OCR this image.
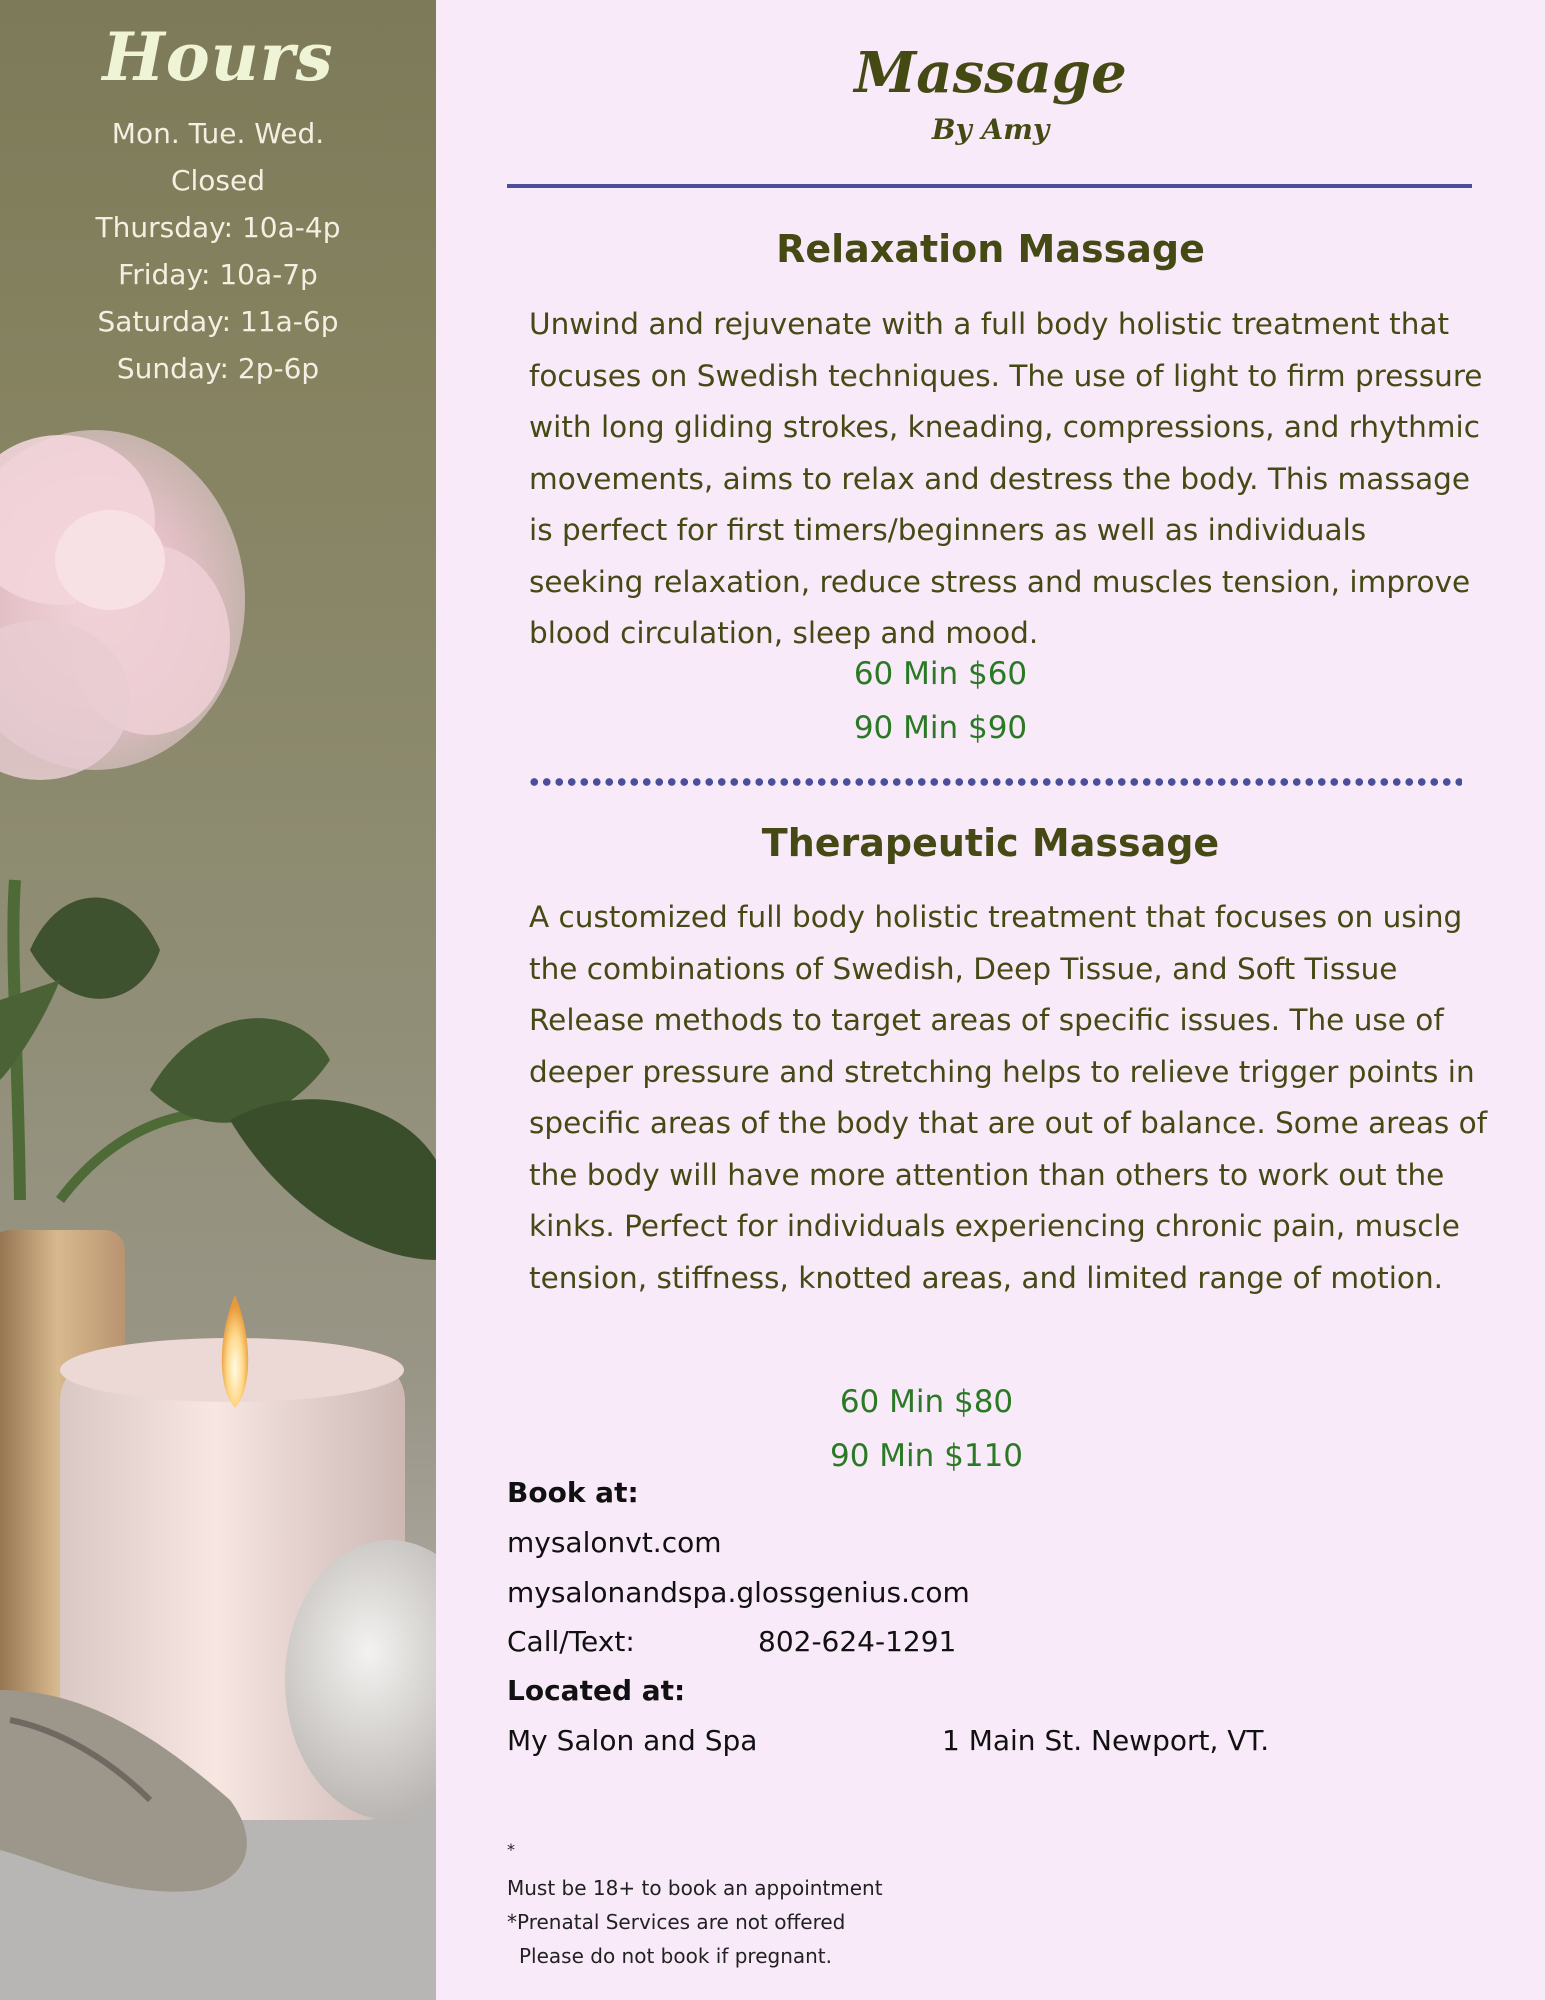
Hours
Mon. Tue. Wed.
Closed
Thursday: 10a-4p
Friday: 10a-7p
Saturday: 11a-6p
Sunday: 2p-6p
Massage
By Amy
Relaxation Massage

Unwind and rejuvenate with a full body holistic treatment that focuses on Swedish techniques. The use of light to firm pressure with long gliding strokes, kneading, compressions, and rhythmic movements, aims to relax and destress the body. This massage is perfect for first timers/beginners as well as individuals seeking relaxation, reduce stress and muscles tension, improve blood circulation, sleep and mood.

60 Min $60
90 Min $90
Therapeutic Massage

A customized full body holistic treatment that focuses on using the combinations of Swedish, Deep Tissue, and Soft Tissue Release methods to target areas of specific issues. The use of deeper pressure and stretching helps to relieve trigger points in specific areas of the body that are out of balance. Some areas of the body will have more attention than others to work out the kinks. Perfect for individuals experiencing chronic pain, muscle tension, stiffness, knotted areas, and limited range of motion.

60 Min $80
90 Min $110
Book at:
mysalonvt.com
mysalonandspa.glossgenius.com
Call/Text:	802-624-1291
Located at:
My Salon and Spa	1 Main St. Newport, VT.
*
Must be 18+ to book an appointment
*Prenatal Services are not offered
Please do not book if pregnant.
